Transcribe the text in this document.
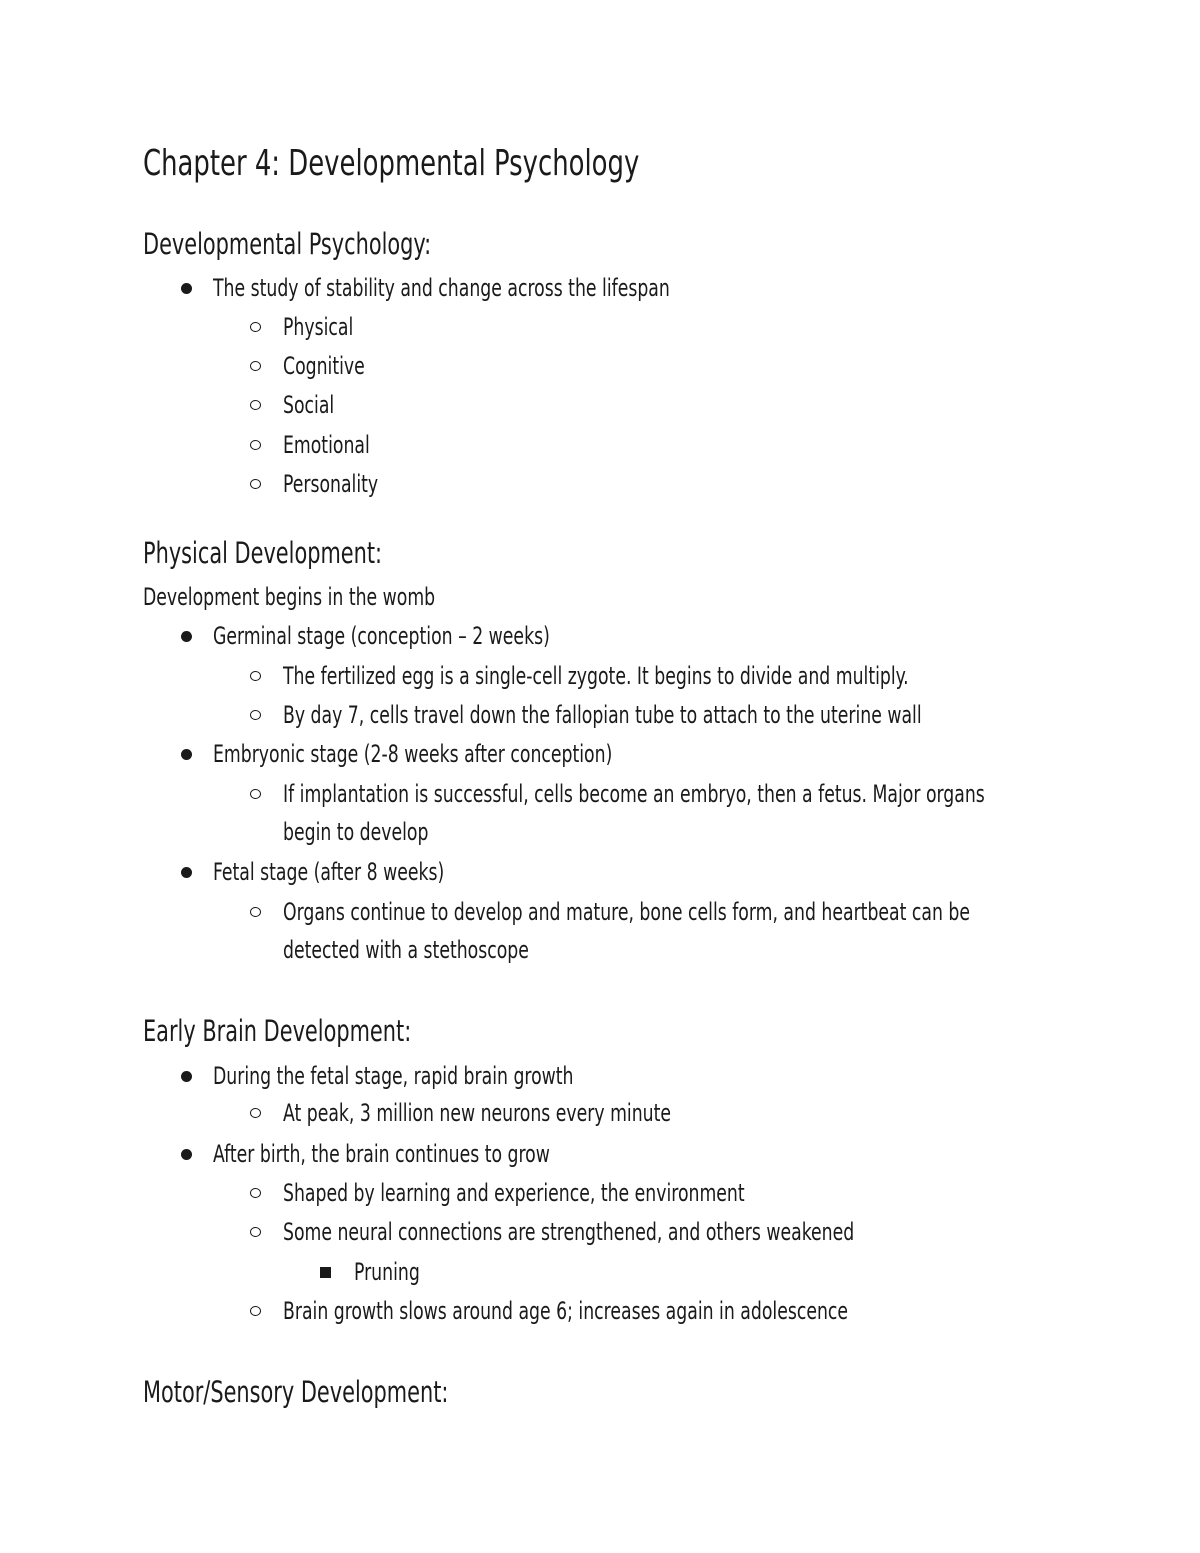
Chapter 4: Developmental Psychology
Developmental Psychology:
The study of stability and change across the lifespan
Physical
Cognitive
Social
Emotional
Personality
Physical Development:
Development begins in the womb
Germinal stage (conception – 2 weeks)
The fertilized egg is a single-cell zygote. It begins to divide and multiply.
By day 7, cells travel down the fallopian tube to attach to the uterine wall
Embryonic stage (2-8 weeks after conception)
If implantation is successful, cells become an embryo, then a fetus. Major organs
begin to develop
Fetal stage (after 8 weeks)
Organs continue to develop and mature, bone cells form, and heartbeat can be
detected with a stethoscope
Early Brain Development:
During the fetal stage, rapid brain growth
At peak, 3 million new neurons every minute
After birth, the brain continues to grow
Shaped by learning and experience, the environment
Some neural connections are strengthened, and others weakened
Pruning
Brain growth slows around age 6; increases again in adolescence
Motor/Sensory Development:
